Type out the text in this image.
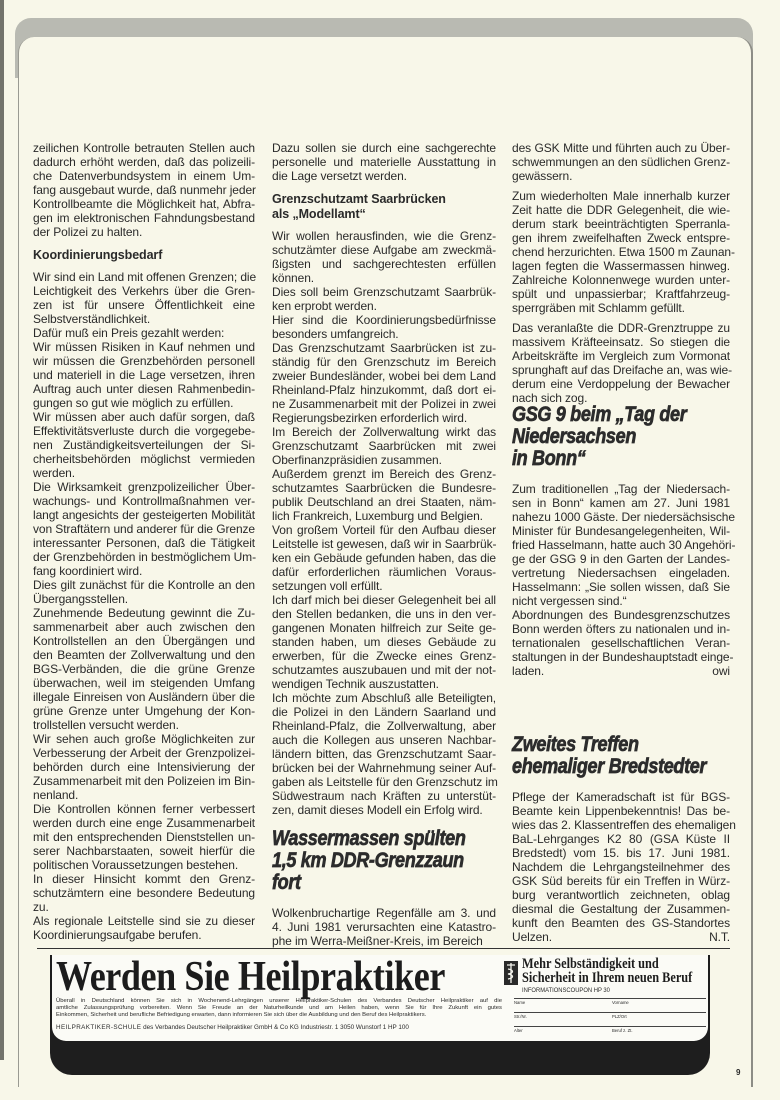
zeilichen Kontrolle betrauten Stellen auch
dadurch erhöht werden, daß das polizeili-
che Datenverbundsystem in einem Um-
fang ausgebaut wurde, daß nunmehr jeder
Kontrollbeamte die Möglichkeit hat, Abfra-
gen im elektronischen Fahndungsbestand
der Polizei zu halten.
Koordinierungsbedarf
Wir sind ein Land mit offenen Grenzen; die
Leichtigkeit des Verkehrs über die Gren-
zen ist für unsere Öffentlichkeit eine
Selbstverständlichkeit.
Dafür muß ein Preis gezahlt werden:
Wir müssen Risiken in Kauf nehmen und
wir müssen die Grenzbehörden personell
und materiell in die Lage versetzen, ihren
Auftrag auch unter diesen Rahmenbedin-
gungen so gut wie möglich zu erfüllen.
Wir müssen aber auch dafür sorgen, daß
Effektivitätsverluste durch die vorgegebe-
nen Zuständigkeitsverteilungen der Si-
cherheitsbehörden möglichst vermieden
werden.
Die Wirksamkeit grenzpolizeilicher Über-
wachungs- und Kontrollmaßnahmen ver-
langt angesichts der gesteigerten Mobilität
von Straftätern und anderer für die Grenze
interessanter Personen, daß die Tätigkeit
der Grenzbehörden in bestmöglichem Um-
fang koordiniert wird.
Dies gilt zunächst für die Kontrolle an den
Übergangsstellen.
Zunehmende Bedeutung gewinnt die Zu-
sammenarbeit aber auch zwischen den
Kontrollstellen an den Übergängen und
den Beamten der Zollverwaltung und den
BGS-Verbänden, die die grüne Grenze
überwachen, weil im steigenden Umfang
illegale Einreisen von Ausländern über die
grüne Grenze unter Umgehung der Kon-
trollstellen versucht werden.
Wir sehen auch große Möglichkeiten zur
Verbesserung der Arbeit der Grenzpolizei-
behörden durch eine Intensivierung der
Zusammenarbeit mit den Polizeien im Bin-
nenland.
Die Kontrollen können ferner verbessert
werden durch eine enge Zusammenarbeit
mit den entsprechenden Dienststellen un-
serer Nachbarstaaten, soweit hierfür die
politischen Voraussetzungen bestehen.
In dieser Hinsicht kommt den Grenz-
schutzämtern eine besondere Bedeutung
zu.
Als regionale Leitstelle sind sie zu dieser
Koordinierungsaufgabe berufen.
Dazu sollen sie durch eine sachgerechte
personelle und materielle Ausstattung in
die Lage versetzt werden.
Grenzschutzamt Saarbrücken
als „Modellamt“
Wir wollen herausfinden, wie die Grenz-
schutzämter diese Aufgabe am zweckmä-
ßigsten und sachgerechtesten erfüllen
können.
Dies soll beim Grenzschutzamt Saarbrük-
ken erprobt werden.
Hier sind die Koordinierungsbedürfnisse
besonders umfangreich.
Das Grenzschutzamt Saarbrücken ist zu-
ständig für den Grenzschutz im Bereich
zweier Bundesländer, wobei bei dem Land
Rheinland-Pfalz hinzukommt, daß dort ei-
ne Zusammenarbeit mit der Polizei in zwei
Regierungsbezirken erforderlich wird.
Im Bereich der Zollverwaltung wirkt das
Grenzschutzamt Saarbrücken mit zwei
Oberfinanzpräsidien zusammen.
Außerdem grenzt im Bereich des Grenz-
schutzamtes Saarbrücken die Bundesre-
publik Deutschland an drei Staaten, näm-
lich Frankreich, Luxemburg und Belgien.
Von großem Vorteil für den Aufbau dieser
Leitstelle ist gewesen, daß wir in Saarbrük-
ken ein Gebäude gefunden haben, das die
dafür erforderlichen räumlichen Voraus-
setzungen voll erfüllt.
Ich darf mich bei dieser Gelegenheit bei all
den Stellen bedanken, die uns in den ver-
gangenen Monaten hilfreich zur Seite ge-
standen haben, um dieses Gebäude zu
erwerben, für die Zwecke eines Grenz-
schutzamtes auszubauen und mit der not-
wendigen Technik auszustatten.
Ich möchte zum Abschluß alle Beteiligten,
die Polizei in den Ländern Saarland und
Rheinland-Pfalz, die Zollverwaltung, aber
auch die Kollegen aus unseren Nachbar-
ländern bitten, das Grenzschutzamt Saar-
brücken bei der Wahrnehmung seiner Auf-
gaben als Leitstelle für den Grenzschutz im
Südwestraum nach Kräften zu unterstüt-
zen, damit dieses Modell ein Erfolg wird.
Wassermassen spülten
1,5 km DDR-Grenzzaun
fort
Wolkenbruchartige Regenfälle am 3. und
4. Juni 1981 verursachten eine Katastro-
phe im Werra-Meißner-Kreis, im Bereich
des GSK Mitte und führten auch zu Über-
schwemmungen an den südlichen Grenz-
gewässern.
Zum wiederholten Male innerhalb kurzer
Zeit hatte die DDR Gelegenheit, die wie-
derum stark beeinträchtigten Sperranla-
gen ihrem zweifelhaften Zweck entspre-
chend herzurichten. Etwa 1500 m Zaunan-
lagen fegten die Wassermassen hinweg.
Zahlreiche Kolonnenwege wurden unter-
spült und unpassierbar; Kraftfahrzeug-
sperrgräben mit Schlamm gefüllt.
Das veranlaßte die DDR-Grenztruppe zu
massivem Kräfteeinsatz. So stiegen die
Arbeitskräfte im Vergleich zum Vormonat
sprunghaft auf das Dreifache an, was wie-
derum eine Verdoppelung der Bewacher
nach sich zog.
GSG 9 beim „Tag der
Niedersachsen
in Bonn“
Zum traditionellen „Tag der Niedersach-
sen in Bonn“ kamen am 27. Juni 1981
nahezu 1000 Gäste. Der niedersächsische
Minister für Bundesangelegenheiten, Wil-
fried Hasselmann, hatte auch 30 Angehöri-
ge der GSG 9 in den Garten der Landes-
vertretung Niedersachsen eingeladen.
Hasselmann: „Sie sollen wissen, daß Sie
nicht vergessen sind.“
Abordnungen des Bundesgrenzschutzes
Bonn werden öfters zu nationalen und in-
ternationalen gesellschaftlichen Veran-
staltungen in der Bundeshauptstadt einge-
laden.	owi
Zweites Treffen
ehemaliger Bredstedter
Pflege der Kameradschaft ist für BGS-
Beamte kein Lippenbekenntnis! Das be-
wies das 2. Klassentreffen des ehemaligen
BaL-Lehrganges K2 80 (GSA Küste II
Bredstedt) vom 15. bis 17. Juni 1981.
Nachdem die Lehrgangsteilnehmer des
GSK Süd bereits für ein Treffen in Würz-
burg verantwortlich zeichneten, oblag
diesmal die Gestaltung der Zusammen-
kunft den Beamten des GS-Standortes
Uelzen.	N.T.
Werden Sie Heilpraktiker	Mehr Selbständigkeit und
Sicherheit in Ihrem neuen Beruf
INFORMATIONSCOUPON HP 30
Überall in Deutschland können Sie sich in Wochenend-Lehrgängen unserer Heilpraktiker-Schulen des Verbandes Deutscher Heilpraktiker auf die
amtliche Zulassungsprüfung vorbereiten. Wenn Sie Freude an der Naturheilkunde und am Heilen haben, wenn Sie für Ihre Zukunft ein gutes
Einkommen, Sicherheit und berufliche Befriedigung erwarten, dann informieren Sie sich über die Ausbildung und den Beruf des Heilpraktikers.
HEILPRAKTIKER-SCHULE des Verbandes Deutscher Heilpraktiker GmbH & Co KG Industriestr. 1 3050 Wunstorf 1 HP 100
Name	Vorname
Str./Nr.	PLZ/Ort
Alter	Beruf z. Zt.
9
